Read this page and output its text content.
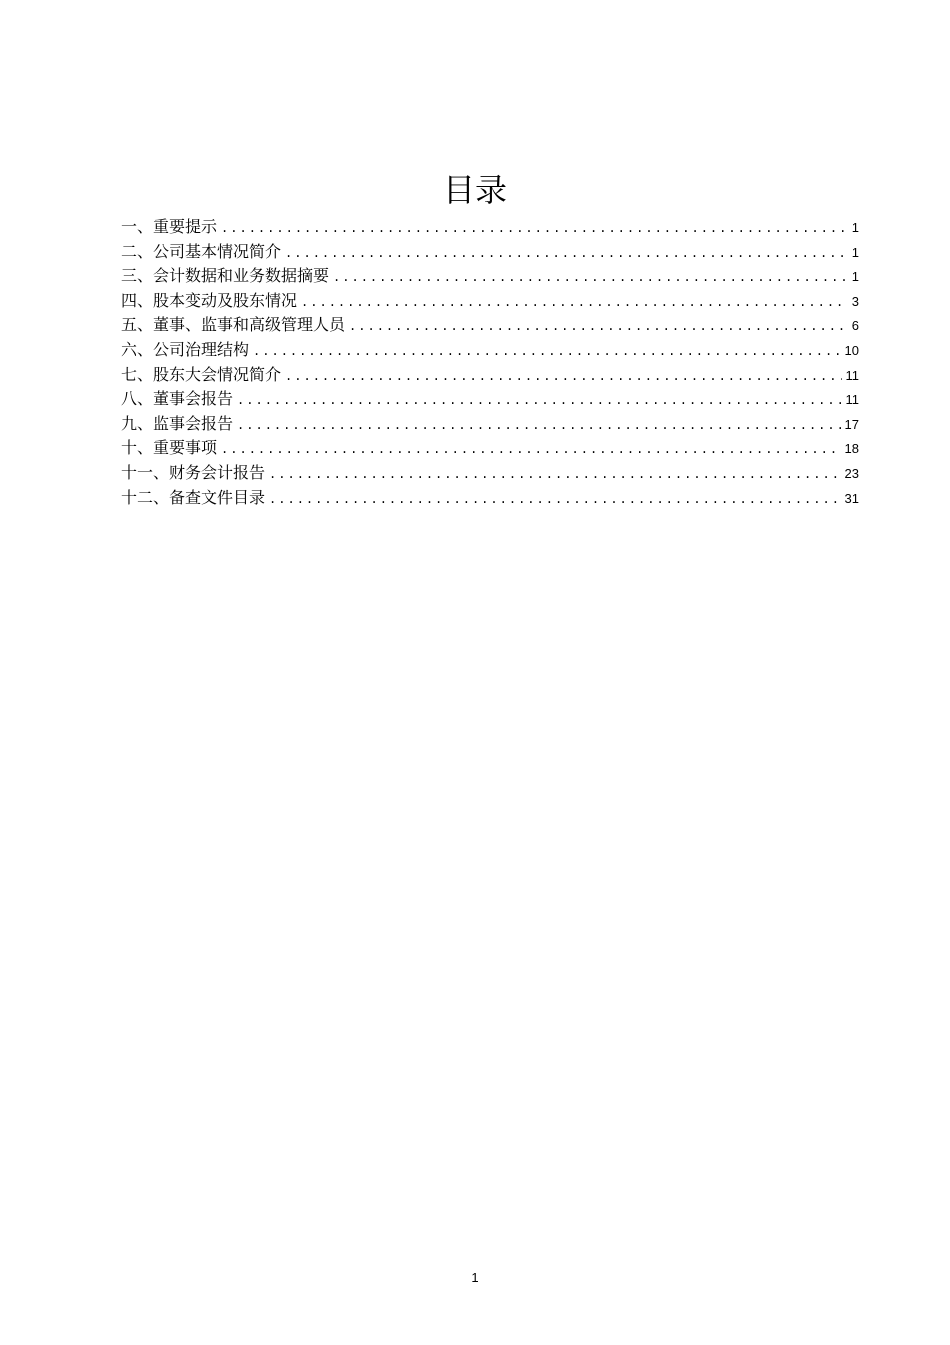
目录
一、重要提示 .....	1
二、公司基本情况简介 .....	1
三、会计数据和业务数据摘要 .....	1
四、股本变动及股东情况 .....	3
五、董事、监事和高级管理人员 .....	6
六、公司治理结构 .....	10
七、股东大会情况简介 .....	11
八、董事会报告 .....	11
九、监事会报告 .....	17
十、重要事项 .....	18
十一、财务会计报告 .....	23
十二、备查文件目录 .....	31
1
